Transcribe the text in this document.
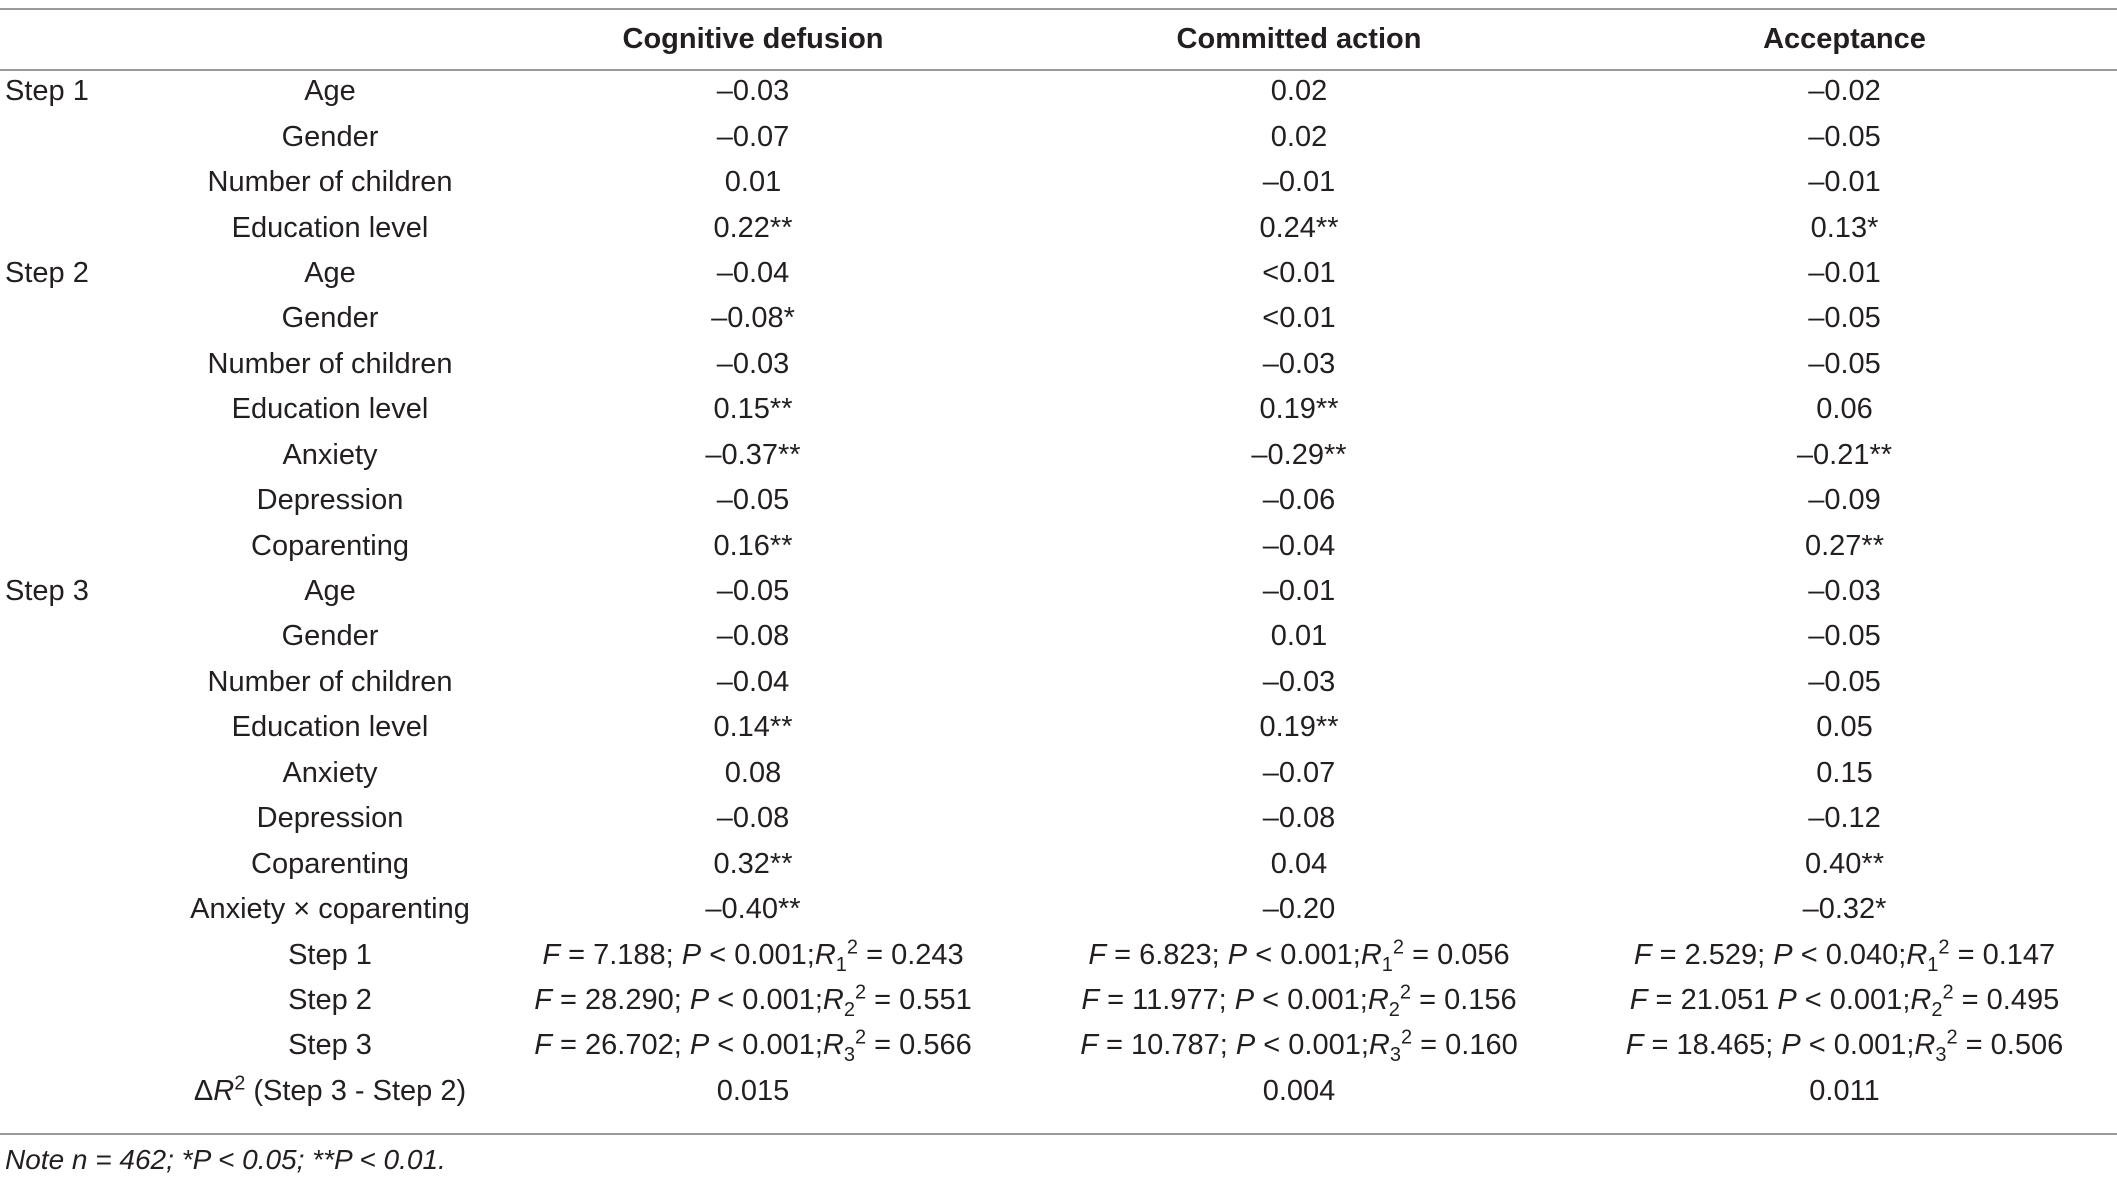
		Cognitive defusion	Committed action	Acceptance
Step 1	Age	–0.03	0.02	–0.02
	Gender	–0.07	0.02	–0.05
	Number of children	0.01	–0.01	–0.01
	Education level	0.22**	0.24**	0.13*
Step 2	Age	–0.04	<0.01	–0.01
	Gender	–0.08*	<0.01	–0.05
	Number of children	–0.03	–0.03	–0.05
	Education level	0.15**	0.19**	0.06
	Anxiety	–0.37**	–0.29**	–0.21**
	Depression	–0.05	–0.06	–0.09
	Coparenting	0.16**	–0.04	0.27**
Step 3	Age	–0.05	–0.01	–0.03
	Gender	–0.08	0.01	–0.05
	Number of children	–0.04	–0.03	–0.05
	Education level	0.14**	0.19**	0.05
	Anxiety	0.08	–0.07	0.15
	Depression	–0.08	–0.08	–0.12
	Coparenting	0.32**	0.04	0.40**
	Anxiety × coparenting	–0.40**	–0.20	–0.32*
	Step 1	F = 7.188; $P < 0.001;R_1^2 = 0.243$	F = 6.823; $P < 0.001;R_1^2 = 0.056$	F = 2.529; $P < 0.040;R_1^2 = 0.147$
	Step 2	F = 28.290; $P < 0.001;R_2^2 = 0.551$	F = 11.977; $P < 0.001;R_2^2 = 0.156$	F = 21.051 $P < 0.001;R_2^2 = 0.495$
	Step 3	F = 26.702; $P < 0.001;R_3^2 = 0.566$	F = 10.787; $P < 0.001;R_3^2 = 0.160$	F = 18.465; $P < 0.001;R_3^2 = 0.506$
	$\Delta R^2$ (Step 3 - Step 2)	0.015	0.004	0.011
Note n = 462; *P < 0.05; **P < 0.01.
